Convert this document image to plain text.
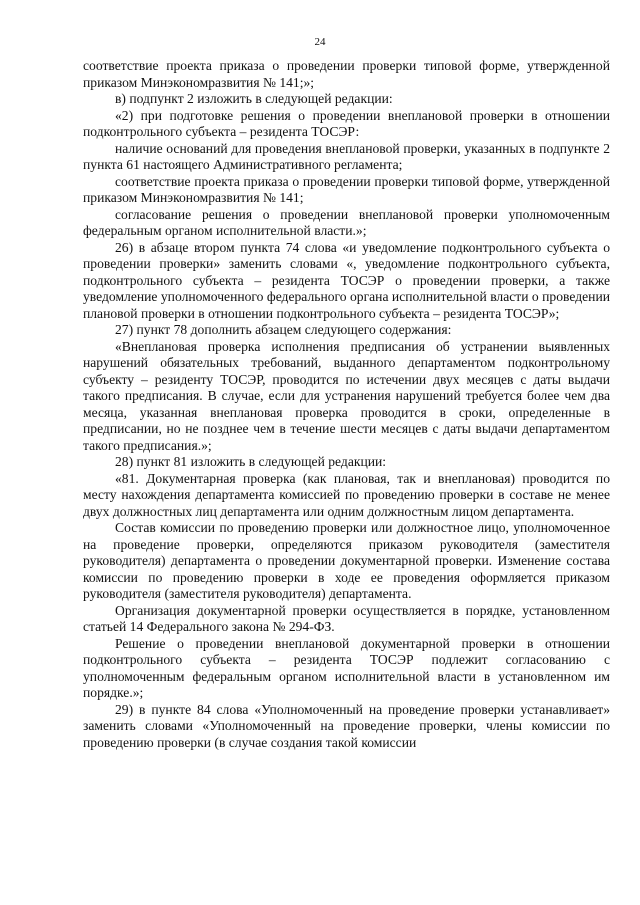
24

соответствие проекта приказа о проведении проверки типовой форме, утвержденной приказом Минэкономразвития № 141;»;

в) подпункт 2 изложить в следующей редакции:

«2) при подготовке решения о проведении внеплановой проверки в отношении подконтрольного субъекта – резидента ТОСЭР:

наличие оснований для проведения внеплановой проверки, указанных в подпункте 2 пункта 61 настоящего Административного регламента;

соответствие проекта приказа о проведении проверки типовой форме, утвержденной приказом Минэкономразвития № 141;

согласование решения о проведении внеплановой проверки уполномоченным федеральным органом исполнительной власти.»;

26) в абзаце втором пункта 74 слова «и уведомление подконтрольного субъекта о проведении проверки» заменить словами «, уведомление подконтрольного субъекта, подконтрольного субъекта – резидента ТОСЭР о проведении проверки, а также уведомление уполномоченного федерального органа исполнительной власти о проведении плановой проверки в отношении подконтрольного субъекта – резидента ТОСЭР»;

27) пункт 78 дополнить абзацем следующего содержания:

«Внеплановая проверка исполнения предписания об устранении выявленных нарушений обязательных требований, выданного департаментом подконтрольному субъекту – резиденту ТОСЭР, проводится по истечении двух месяцев с даты выдачи такого предписания. В случае, если для устранения нарушений требуется более чем два месяца, указанная внеплановая проверка проводится в сроки, определенные в предписании, но не позднее чем в течение шести месяцев с даты выдачи департаментом такого предписания.»;

28) пункт 81 изложить в следующей редакции:

«81. Документарная проверка (как плановая, так и внеплановая) проводится по месту нахождения департамента комиссией по проведению проверки в составе не менее двух должностных лиц департамента или одним должностным лицом департамента.

Состав комиссии по проведению проверки или должностное лицо, уполномоченное на проведение проверки, определяются приказом руководителя (заместителя руководителя) департамента о проведении документарной проверки. Изменение состава комиссии по проведению проверки в ходе ее проведения оформляется приказом руководителя (заместителя руководителя) департамента.

Организация документарной проверки осуществляется в порядке, установленном статьей 14 Федерального закона № 294-ФЗ.

Решение о проведении внеплановой документарной проверки в отношении подконтрольного субъекта – резидента ТОСЭР подлежит согласованию с уполномоченным федеральным органом исполнительной власти в установленном им порядке.»;

29) в пункте 84 слова «Уполномоченный на проведение проверки устанавливает» заменить словами «Уполномоченный на проведение проверки, члены комиссии по проведению проверки (в случае создания такой комиссии
